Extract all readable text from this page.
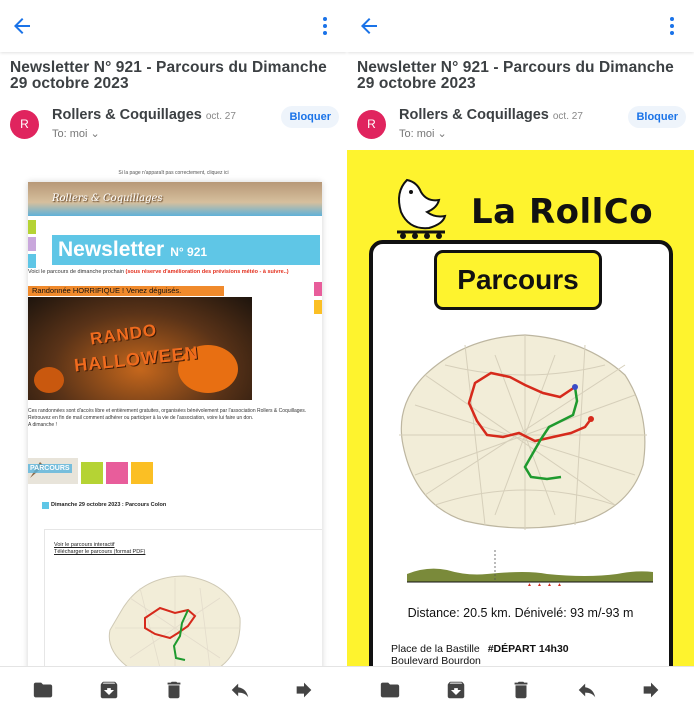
Newsletter N° 921 - Parcours du Dimanche 29 octobre 2023
R
Rollers & Coquillages oct. 27
To: moi ⌄
Bloquer
Si la page n'apparaît pas correctement, cliquez ici
Rollers & Coquillages
Newsletter N° 921
Voici le parcours de dimanche prochain (sous réserve d'amélioration des prévisions météo - à suivre..)
Randonnée HORRIFIQUE ! Venez déguisés.
RANDO
HALLOWEEN
Ces randonnées sont d'accès libre et entièrement gratuites, organisées bénévolement par l'association Rollers & Coquillages.
Retrouvez en fin de mail comment adhérer ou participer à la vie de l'association, voire lui faire un don.
A dimanche !
PARCOURS
Dimanche 29 octobre 2023 : Parcours Colon
Voir le parcours interactif
Télécharger le parcours (format PDF)
Newsletter N° 921 - Parcours du Dimanche 29 octobre 2023
R
Rollers & Coquillages oct. 27
To: moi ⌄
Bloquer
La RollCo
Parcours
▲ ▲ ▲ ▲
Distance: 20.5 km. Dénivelé: 93 m/-93 m
Place de la Bastille #DÉPART 14h30
Boulevard Bourdon
